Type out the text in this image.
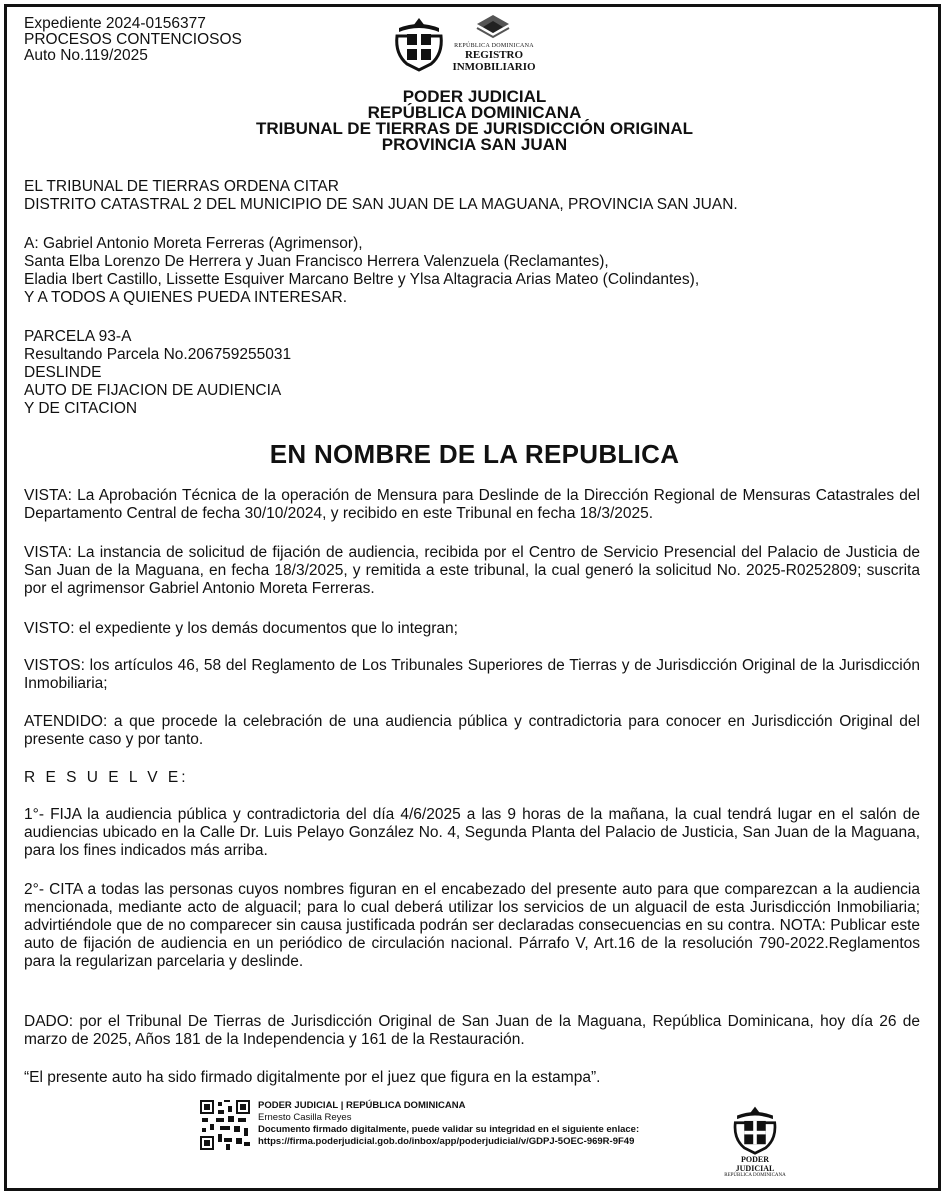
Expediente 2024-0156377
PROCESOS CONTENCIOSOS
Auto No.119/2025
REPÚBLICA DOMINICANA
REGISTRO
INMOBILIARIO
PODER JUDICIAL
REPÚBLICA DOMINICANA
TRIBUNAL DE TIERRAS DE JURISDICCIÓN ORIGINAL
PROVINCIA SAN JUAN
EL TRIBUNAL DE TIERRAS ORDENA CITAR
DISTRITO CATASTRAL 2 DEL MUNICIPIO DE SAN JUAN DE LA MAGUANA, PROVINCIA SAN JUAN.
A: Gabriel Antonio Moreta Ferreras (Agrimensor),
Santa Elba Lorenzo De Herrera y Juan Francisco Herrera Valenzuela (Reclamantes),
Eladia Ibert Castillo, Lissette Esquiver Marcano Beltre y Ylsa Altagracia Arias Mateo (Colindantes),
Y A TODOS A QUIENES PUEDA INTERESAR.
PARCELA 93-A
Resultando Parcela No.206759255031
DESLINDE
AUTO DE FIJACION DE AUDIENCIA
Y DE CITACION
EN NOMBRE DE LA REPUBLICA
VISTA: La Aprobación Técnica de la operación de Mensura para Deslinde de la Dirección Regional de Mensuras Catastrales del Departamento Central de fecha 30/10/2024, y recibido en este Tribunal en fecha 18/3/2025.
VISTA: La instancia de solicitud de fijación de audiencia, recibida por el Centro de Servicio Presencial del Palacio de Justicia de San Juan de la Maguana, en fecha 18/3/2025, y remitida a este tribunal, la cual generó la solicitud No. 2025-R0252809; suscrita por el agrimensor Gabriel Antonio Moreta Ferreras.
VISTO: el expediente y los demás documentos que lo integran;
VISTOS: los artículos 46, 58 del Reglamento de Los Tribunales Superiores de Tierras y de Jurisdicción Original de la Jurisdicción Inmobiliaria;
ATENDIDO: a que procede la celebración de una audiencia pública y contradictoria para conocer en Jurisdicción Original del presente caso y por tanto.
R E S U E L V E:
1°- FIJA la audiencia pública y contradictoria del día 4/6/2025 a las 9 horas de la mañana, la cual tendrá lugar en el salón de audiencias ubicado en la Calle Dr. Luis Pelayo González No. 4, Segunda Planta del Palacio de Justicia, San Juan de la Maguana, para los fines indicados más arriba.
2°- CITA a todas las personas cuyos nombres figuran en el encabezado del presente auto para que comparezcan a la audiencia mencionada, mediante acto de alguacil; para lo cual deberá utilizar los servicios de un alguacil de esta Jurisdicción Inmobiliaria; advirtiéndole que de no comparecer sin causa justificada podrán ser declaradas consecuencias en su contra. NOTA: Publicar este auto de fijación de audiencia en un periódico de circulación nacional. Párrafo V, Art.16 de la resolución 790-2022.Reglamentos para la regularizan parcelaria y deslinde.
DADO: por el Tribunal De Tierras de Jurisdicción Original de San Juan de la Maguana, República Dominicana, hoy día 26 de marzo de 2025, Años 181 de la Independencia y 161 de la Restauración.
“El presente auto ha sido firmado digitalmente por el juez que figura en la estampa”.
PODER JUDICIAL | REPÚBLICA DOMINICANA
Ernesto Casilla Reyes
Documento firmado digitalmente, puede validar su integridad en el siguiente enlace:
https://firma.poderjudicial.gob.do/inbox/app/poderjudicial/v/GDPJ-5OEC-969R-9F49
PODER JUDICIAL
REPÚBLICA DOMINICANA
